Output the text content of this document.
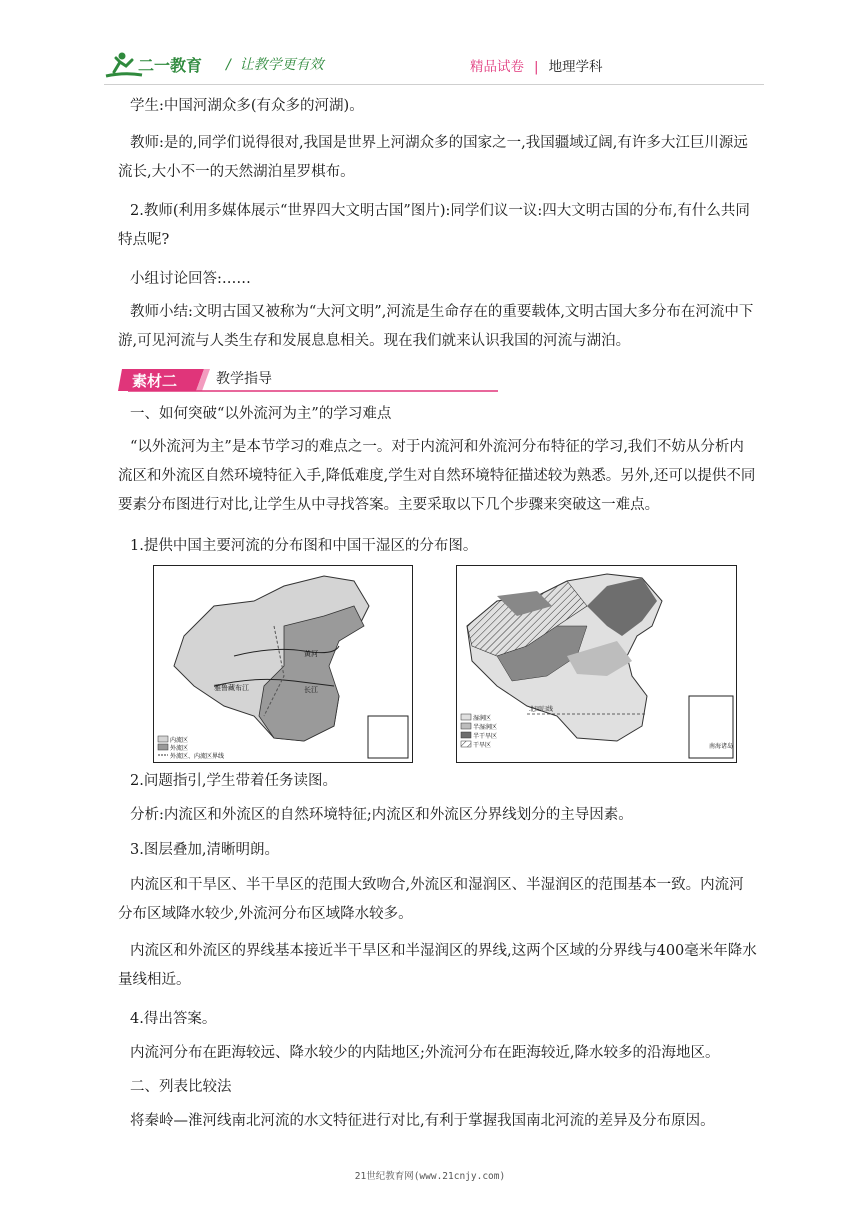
二一教育 /  让教学更有效	精品试卷 | 地理学科
学生:中国河湖众多(有众多的河湖)。
教师:是的,同学们说得很对,我国是世界上河湖众多的国家之一,我国疆域辽阔,有许多大江巨川源远流长,大小不一的天然湖泊星罗棋布。
2.教师(利用多媒体展示“世界四大文明古国”图片):同学们议一议:四大文明古国的分布,有什么共同特点呢?
小组讨论回答:……
教师小结:文明古国又被称为“大河文明”,河流是生命存在的重要载体,文明古国大多分布在河流中下游,可见河流与人类生存和发展息息相关。现在我们就来认识我国的河流与湖泊。
素材二	教学指导
一、如何突破“以外流河为主”的学习难点
“以外流河为主”是本节学习的难点之一。对于内流河和外流河分布特征的学习,我们不妨从分析内流区和外流区自然环境特征入手,降低难度,学生对自然环境特征描述较为熟悉。另外,还可以提供不同要素分布图进行对比,让学生从中寻找答案。主要采取以下几个步骤来突破这一难点。
1.提供中国主要河流的分布图和中国干湿区的分布图。
雅鲁藏布江	长江
黄河
内流区
外流区
外流区、内流区界线
北回归线
南海诸岛
湿润区
半湿润区
半干旱区
干旱区
2.问题指引,学生带着任务读图。
分析:内流区和外流区的自然环境特征;内流区和外流区分界线划分的主导因素。
3.图层叠加,清晰明朗。
内流区和干旱区、半干旱区的范围大致吻合,外流区和湿润区、半湿润区的范围基本一致。内流河分布区域降水较少,外流河分布区域降水较多。
内流区和外流区的界线基本接近半干旱区和半湿润区的界线,这两个区域的分界线与400毫米年降水量线相近。
4.得出答案。
内流河分布在距海较远、降水较少的内陆地区;外流河分布在距海较近,降水较多的沿海地区。
二、列表比较法
将秦岭—淮河线南北河流的水文特征进行对比,有利于掌握我国南北河流的差异及分布原因。
21世纪教育网(www.21cnjy.com)
